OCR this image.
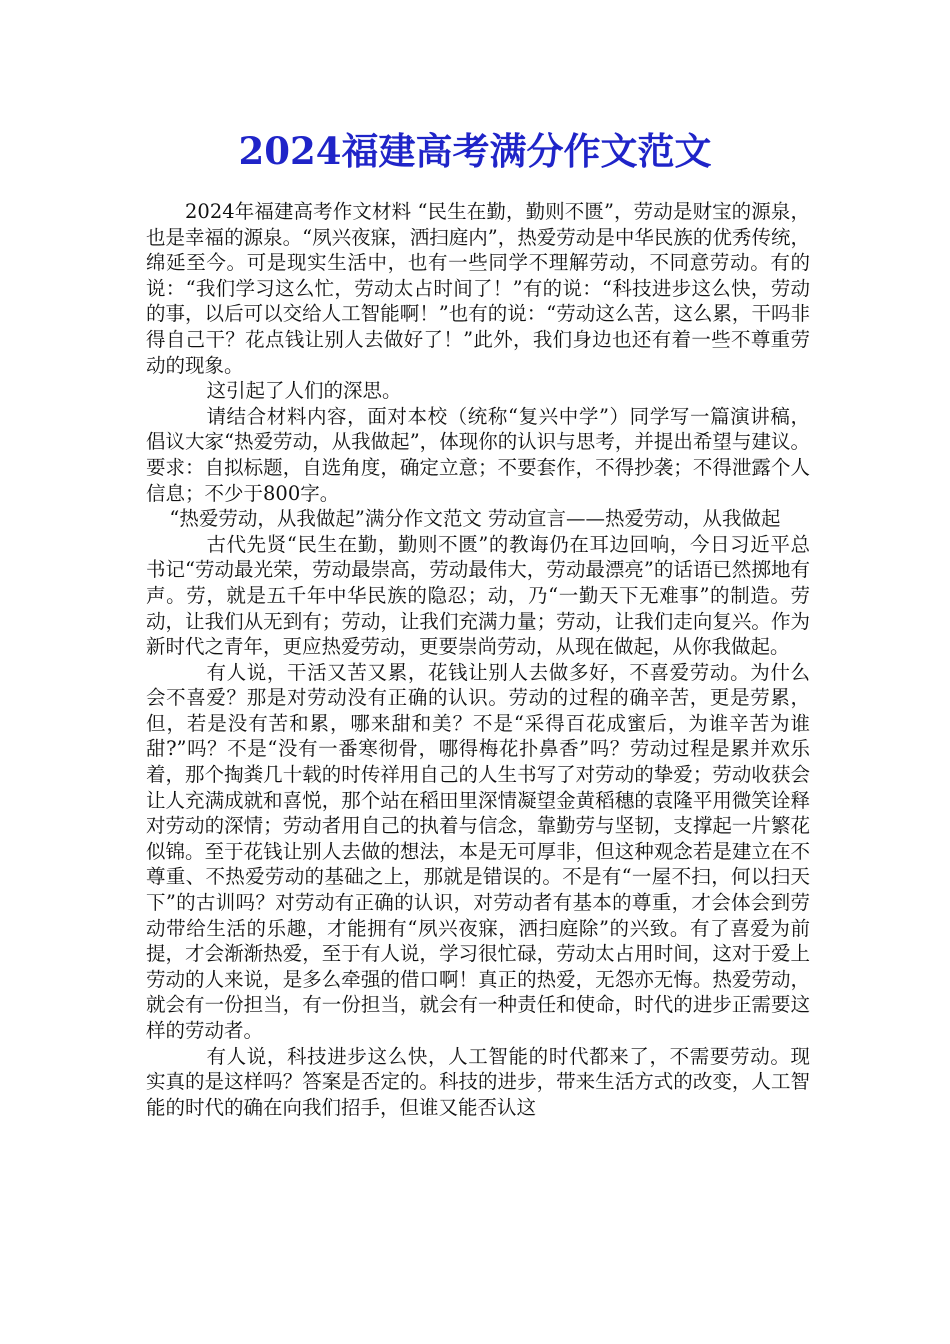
2024福建高考满分作文范文

2024年福建高考作文材料 “民生在勤，勤则不匮”，劳动是财宝的源泉，也是幸福的源泉。“夙兴夜寐，洒扫庭内”，热爱劳动是中华民族的优秀传统，绵延至今。可是现实生活中，也有一些同学不理解劳动，不同意劳动。有的说：“我们学习这么忙，劳动太占时间了！”有的说：“科技进步这么快，劳动的事，以后可以交给人工智能啊！”也有的说：“劳动这么苦，这么累，干吗非得自己干？花点钱让别人去做好了！”此外，我们身边也还有着一些不尊重劳动的现象。

这引起了人们的深思。

请结合材料内容，面对本校（统称“复兴中学”）同学写一篇演讲稿，倡议大家“热爱劳动，从我做起”，体现你的认识与思考，并提出希望与建议。要求：自拟标题，自选角度，确定立意；不要套作，不得抄袭；不得泄露个人信息；不少于800字。

“热爱劳动，从我做起”满分作文范文 劳动宣言——热爱劳动，从我做起

古代先贤“民生在勤，勤则不匮”的教诲仍在耳边回响，今日习近平总书记“劳动最光荣，劳动最崇高，劳动最伟大，劳动最漂亮”的话语已然掷地有声。劳，就是五千年中华民族的隐忍；动，乃“一勤天下无难事”的制造。劳动，让我们从无到有；劳动，让我们充满力量；劳动，让我们走向复兴。作为新时代之青年，更应热爱劳动，更要崇尚劳动，从现在做起，从你我做起。

有人说，干活又苦又累，花钱让别人去做多好，不喜爱劳动。为什么会不喜爱？那是对劳动没有正确的认识。劳动的过程的确辛苦，更是劳累，但，若是没有苦和累，哪来甜和美？不是“采得百花成蜜后，为谁辛苦为谁甜?”吗？不是“没有一番寒彻骨，哪得梅花扑鼻香”吗？劳动过程是累并欢乐着，那个掏粪几十载的时传祥用自己的人生书写了对劳动的挚爱；劳动收获会让人充满成就和喜悦，那个站在稻田里深情凝望金黄稻穗的袁隆平用微笑诠释对劳动的深情；劳动者用自己的执着与信念，靠勤劳与坚韧，支撑起一片繁花似锦。至于花钱让别人去做的想法，本是无可厚非，但这种观念若是建立在不尊重、不热爱劳动的基础之上，那就是错误的。不是有“一屋不扫，何以扫天下”的古训吗？对劳动有正确的认识，对劳动者有基本的尊重，才会体会到劳动带给生活的乐趣，才能拥有“夙兴夜寐，洒扫庭除”的兴致。有了喜爱为前提，才会渐渐热爱，至于有人说，学习很忙碌，劳动太占用时间，这对于爱上劳动的人来说，是多么牵强的借口啊！真正的热爱，无怨亦无悔。热爱劳动，就会有一份担当，有一份担当，就会有一种责任和使命，时代的进步正需要这样的劳动者。

有人说，科技进步这么快，人工智能的时代都来了，不需要劳动。现实真的是这样吗？答案是否定的。科技的进步，带来生活方式的改变，人工智能的时代的确在向我们招手，但谁又能否认这
